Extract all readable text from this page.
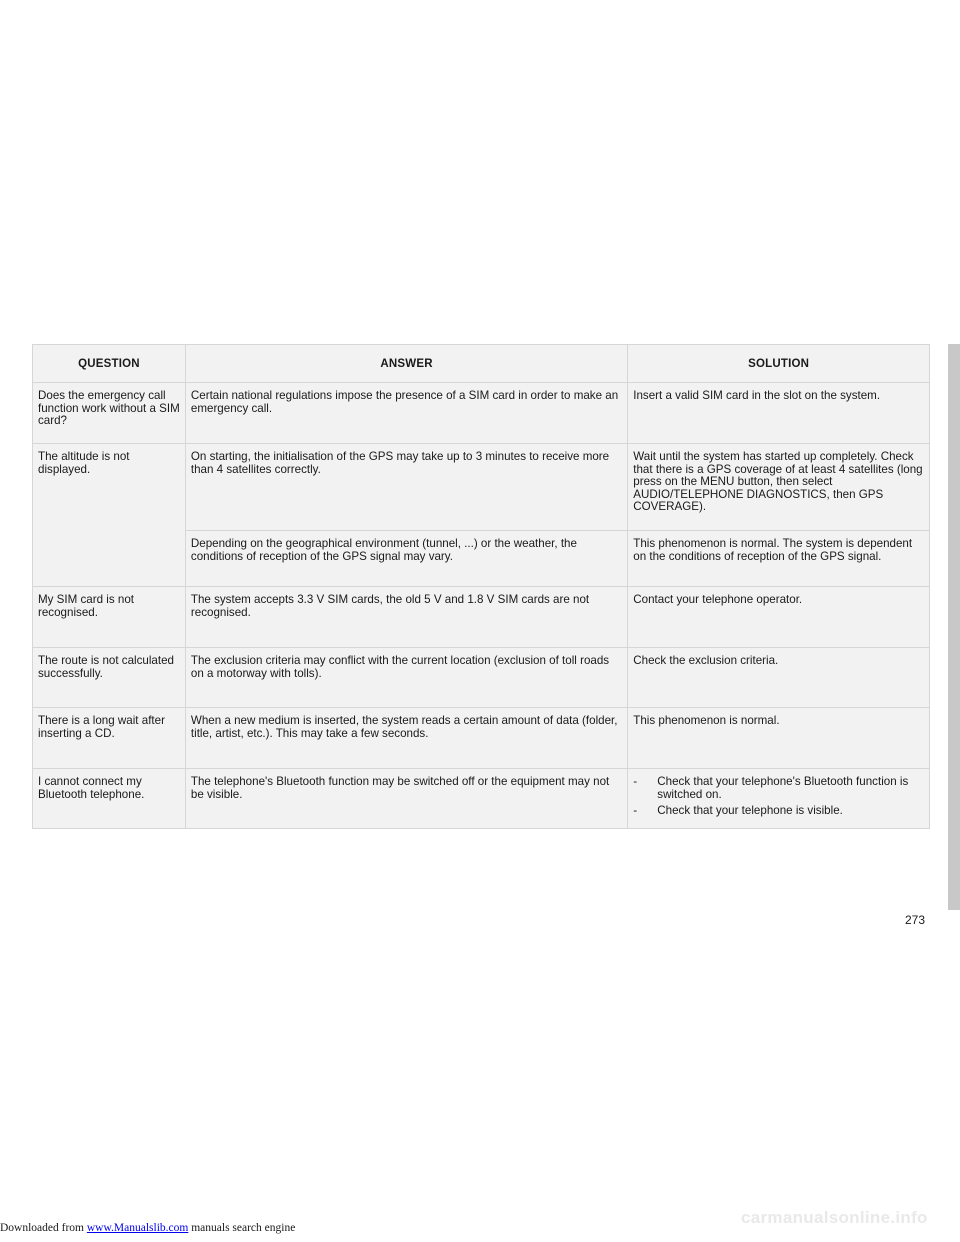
QUESTION	ANSWER	SOLUTION
Does the emergency call function work without a SIM card?	Certain national regulations impose the presence of a SIM card in order to make an emergency call.	Insert a valid SIM card in the slot on the system.
The altitude is not displayed.	On starting, the initialisation of the GPS may take up to 3 minutes to receive more than 4 satellites correctly.	Wait until the system has started up completely. Check that there is a GPS coverage of at least 4 satellites (long press on the MENU button, then select AUDIO/TELEPHONE DIAGNOSTICS, then GPS COVERAGE).
	Depending on the geographical environment (tunnel, ...) or the weather, the conditions of reception of the GPS signal may vary.	This phenomenon is normal. The system is dependent on the conditions of reception of the GPS signal.
My SIM card is not recognised.	The system accepts 3.3 V SIM cards, the old 5 V and 1.8 V SIM cards are not recognised.	Contact your telephone operator.
The route is not calculated successfully.	The exclusion criteria may conflict with the current location (exclusion of toll roads on a motorway with tolls).	Check the exclusion criteria.
There is a long wait after inserting a CD.	When a new medium is inserted, the system reads a certain amount of data (folder, title, artist, etc.). This may take a few seconds.	This phenomenon is normal.
I cannot connect my Bluetooth telephone.	The telephone's Bluetooth function may be switched off or the equipment may not be visible.	- Check that your telephone's Bluetooth function is switched on.
- Check that your telephone is visible.
273
carmanualsonline.info
Downloaded from www.Manualslib.com manuals search engine
